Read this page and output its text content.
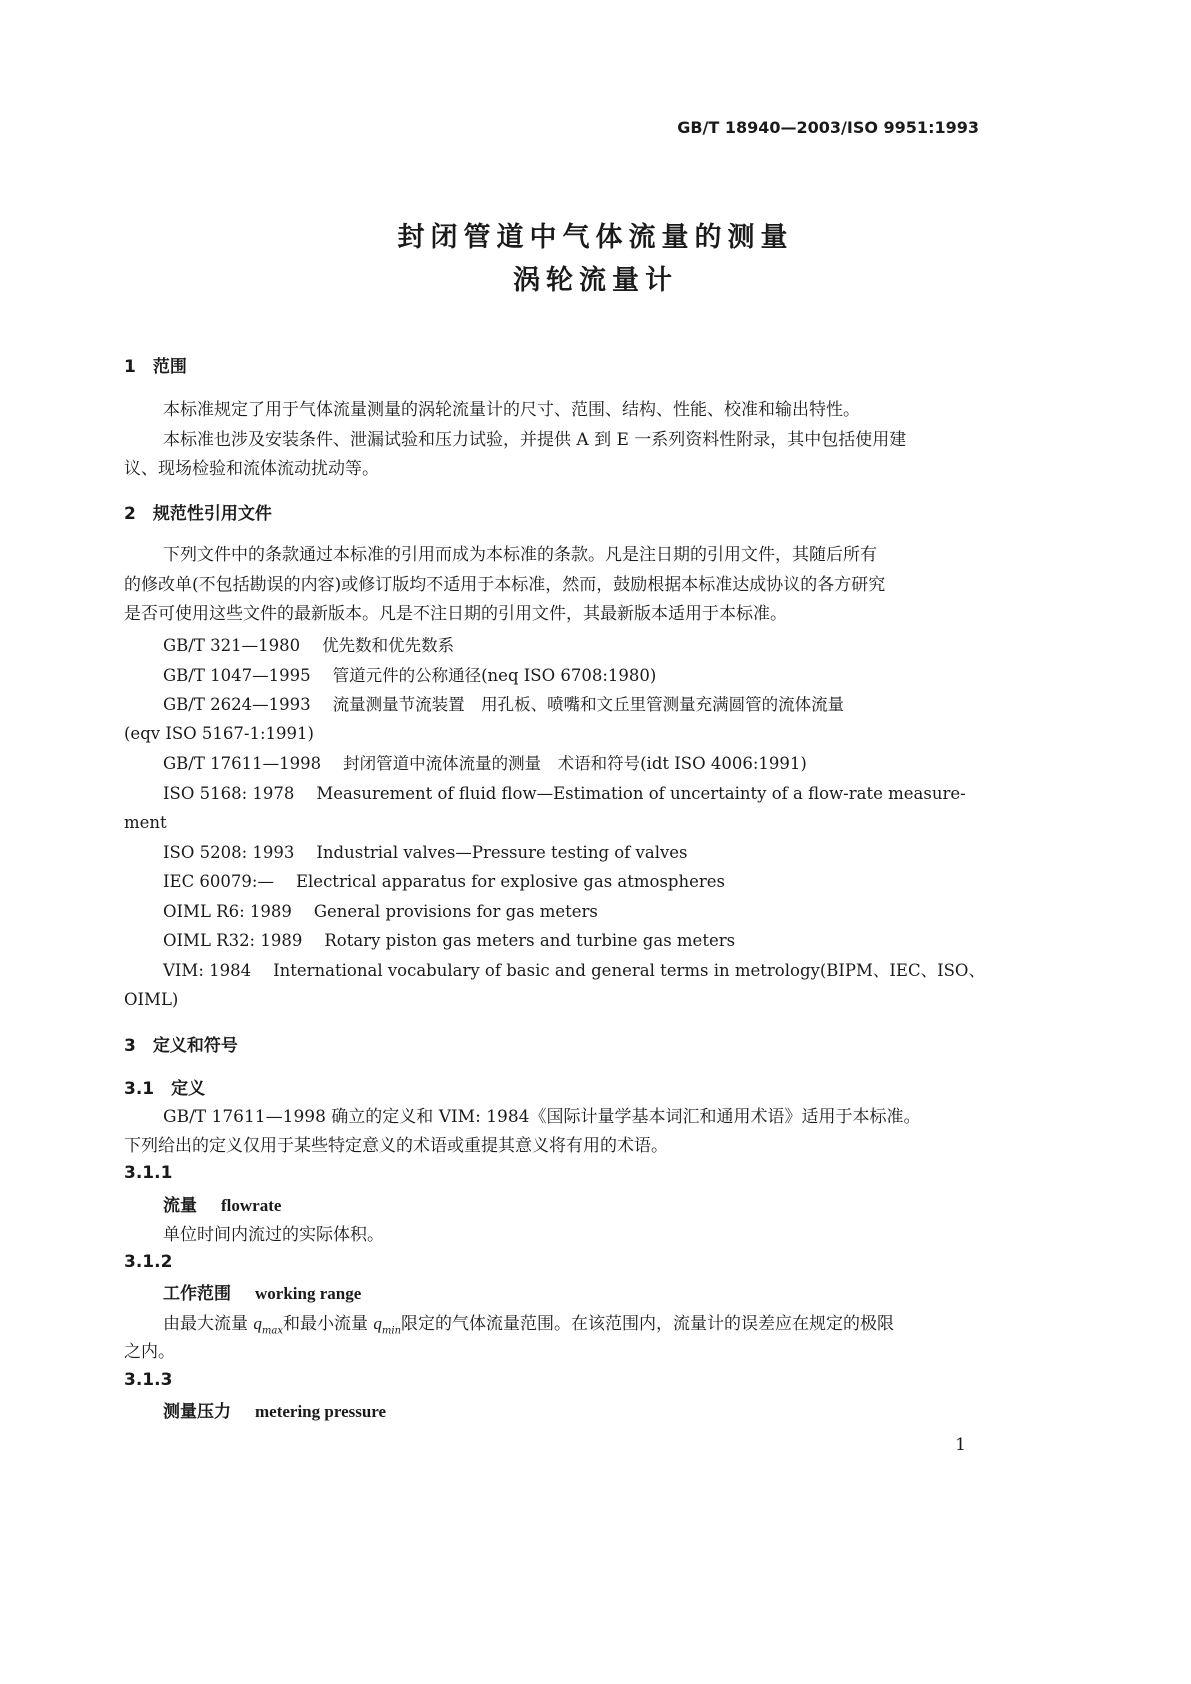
GB/T 18940—2003/ISO 9951:1993
封闭管道中气体流量的测量
涡轮流量计
1　范围
本标准规定了用于气体流量测量的涡轮流量计的尺寸、范围、结构、性能、校准和输出特性。
本标准也涉及安装条件、泄漏试验和压力试验，并提供 A 到 E 一系列资料性附录，其中包括使用建
议、现场检验和流体流动扰动等。
2　规范性引用文件
下列文件中的条款通过本标准的引用而成为本标准的条款。凡是注日期的引用文件，其随后所有
的修改单(不包括勘误的内容)或修订版均不适用于本标准，然而，鼓励根据本标准达成协议的各方研究
是否可使用这些文件的最新版本。凡是不注日期的引用文件，其最新版本适用于本标准。
GB/T 321—1980 优先数和优先数系
GB/T 1047—1995 管道元件的公称通径(neq ISO 6708:1980)
GB/T 2624—1993 流量测量节流装置　用孔板、喷嘴和文丘里管测量充满圆管的流体流量
(eqv ISO 5167-1:1991)
GB/T 17611—1998 封闭管道中流体流量的测量　术语和符号(idt ISO 4006:1991)
ISO 5168: 1978 Measurement of fluid flow—Estimation of uncertainty of a flow-rate measure-
ment
ISO 5208: 1993 Industrial valves—Pressure testing of valves
IEC 60079:— Electrical apparatus for explosive gas atmospheres
OIML R6: 1989 General provisions for gas meters
OIML R32: 1989 Rotary piston gas meters and turbine gas meters
VIM: 1984 International vocabulary of basic and general terms in metrology(BIPM、IEC、ISO、
OIML)
3　定义和符号
3.1　定义
GB/T 17611—1998 确立的定义和 VIM: 1984《国际计量学基本词汇和通用术语》适用于本标准。
下列给出的定义仅用于某些特定意义的术语或重提其意义将有用的术语。
3.1.1
流量 flowrate
单位时间内流过的实际体积。
3.1.2
工作范围 working range
由最大流量 $q_{max}$和最小流量 $q_{min}$限定的气体流量范围。在该范围内，流量计的误差应在规定的极限
之内。
3.1.3
测量压力 metering pressure
1
